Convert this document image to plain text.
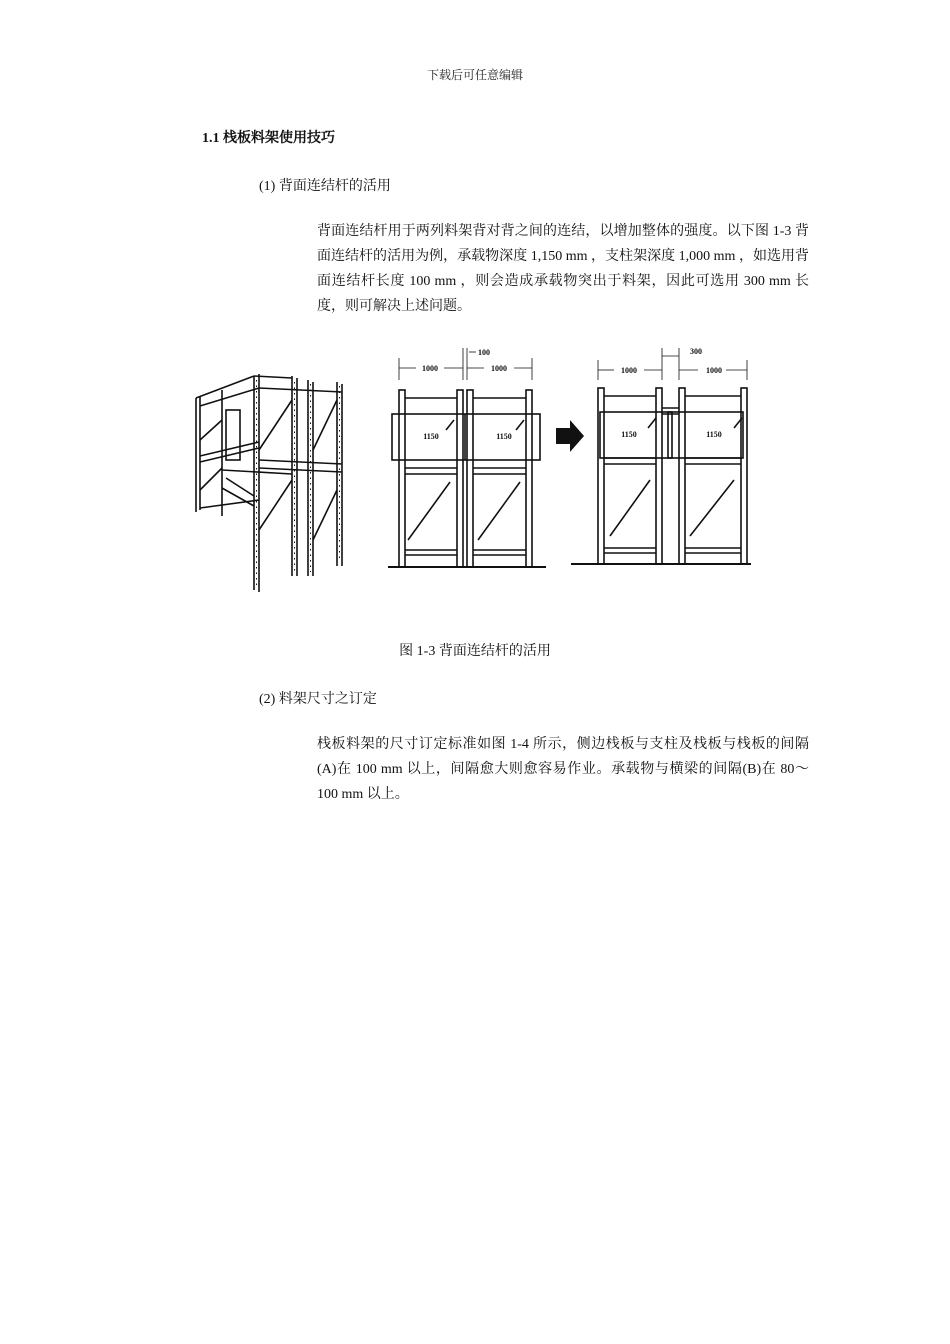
下载后可任意编辑
1.1 栈板料架使用技巧
(1) 背面连结杆的活用
背面连结杆用于两列料架背对背之间的连结，以增加整体的强度。以下图 1-3 背面连结杆的活用为例，承载物深度 1,150 mm ，支柱架深度 1,000 mm ，如选用背面连结杆长度 100 mm ，则会造成承载物突出于料架，因此可选用 300 mm 长度，则可解决上述问题。
1000
100
1000
1150	1150
1000
300
1000
1150	1150
图 1-3 背面连结杆的活用
(2) 料架尺寸之订定
栈板料架的尺寸订定标准如图 1-4 所示，侧边栈板与支柱及栈板与栈板的间隔(A)在 100 mm 以上，间隔愈大则愈容易作业。承载物与横梁的间隔(B)在 80～100 mm 以上。
